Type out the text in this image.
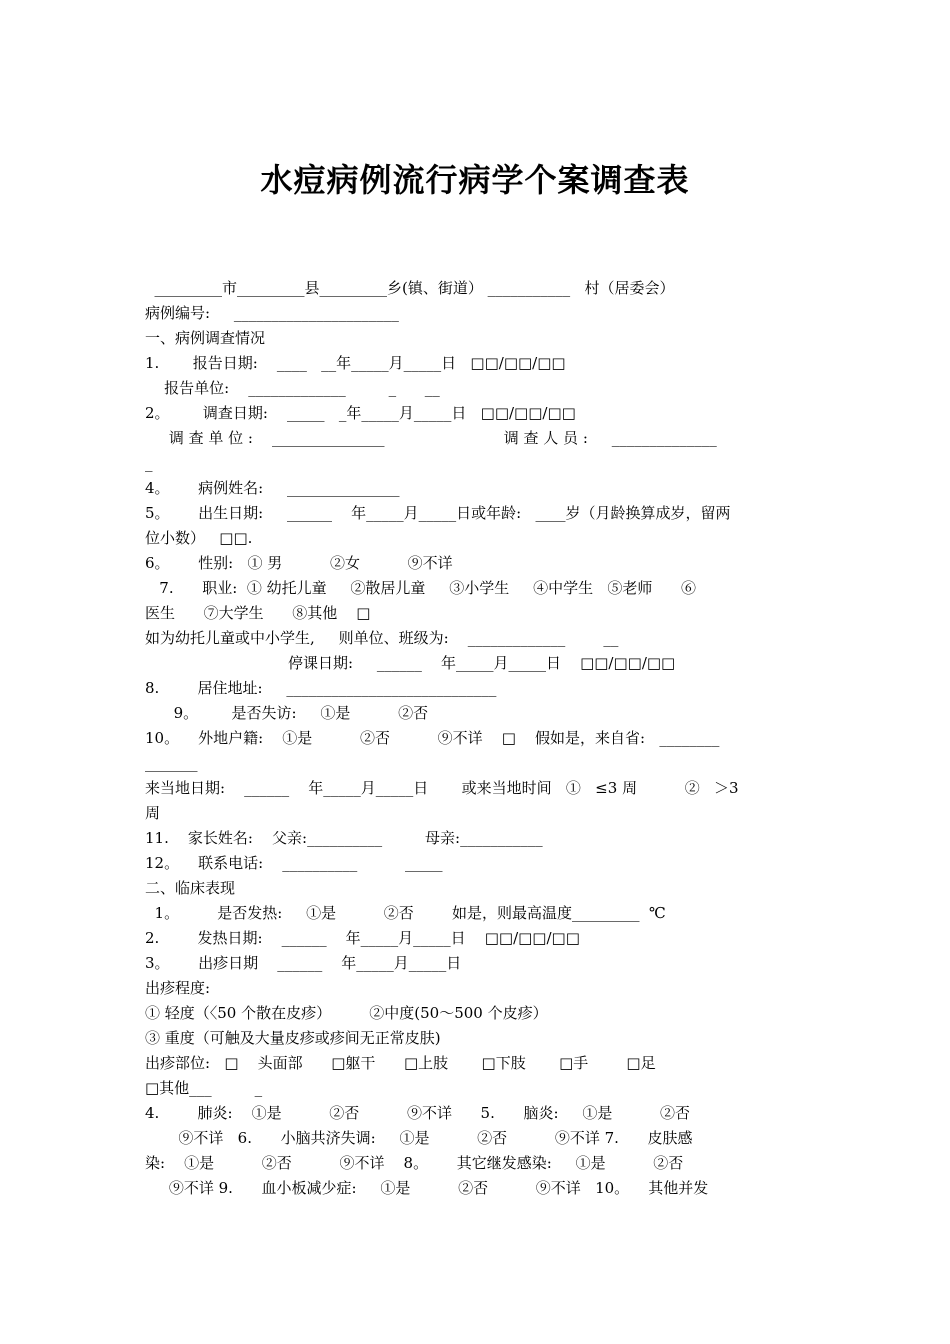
水痘病例流行病学个案调查表
_________市_________县_________乡(镇、街道） ___________   村（居委会）
病例编号:     ______________________
一、病例调查情况
1.       报告日期:    ____   __年_____月_____日   □□/□□/□□
报告单位:    _____________         _      __
2。       调查日期:    _____   _年_____月_____日   □□/□□/□□
调 查 单 位 :    _______________                         调 查 人 员 :     ______________
_
4。      病例姓名:     _______________
5。      出生日期:     ______    年_____月_____日或年龄:   ____岁（月龄换算成岁，留两
位小数）   □□.
6。      性别:   ① 男          ②女          ⑨不详
7.      职业:  ① 幼托儿童     ②散居儿童     ③小学生     ④中学生   ⑤老师      ⑥
医生      ⑦大学生      ⑧其他    □
如为幼托儿童或中小学生,     则单位、班级为:    _____________        __
停课日期:     ______    年_____月_____日    □□/□□/□□
8.        居住地址:     ____________________________
9。       是否失访:     ①是          ②否
10。    外地户籍:    ①是          ②否          ⑨不详    □    假如是，来自省:   ________
_______
来当地日期:    ______    年_____月_____日       或来当地时间   ①   ≤3 周          ②   ＞3
周
11.    家长姓名:    父亲:__________         母亲:___________
12。    联系电话:    __________          _____
二、临床表现
1。        是否发热:     ①是          ②否        如是，则最高温度_________  ℃
2.        发热日期:    ______    年_____月_____日    □□/□□/□□
3。      出疹日期    ______    年_____月_____日
出疹程度:
① 轻度（〈50 个散在皮疹）        ②中度(50～500 个皮疹）
③ 重度（可触及大量皮疹或疹间无正常皮肤)
出疹部位:   □    头面部      □躯干      □上肢       □下肢       □手        □足
□其他___         _
4.        肺炎:    ①是          ②否          ⑨不详      5.      脑炎:     ①是          ②否
⑨不详   6.      小脑共济失调:     ①是          ②否          ⑨不详 7.      皮肤感
染:    ①是          ②否          ⑨不详    8。      其它继发感染:     ①是          ②否
⑨不详 9.      血小板减少症:     ①是          ②否          ⑨不详   10。    其他并发
